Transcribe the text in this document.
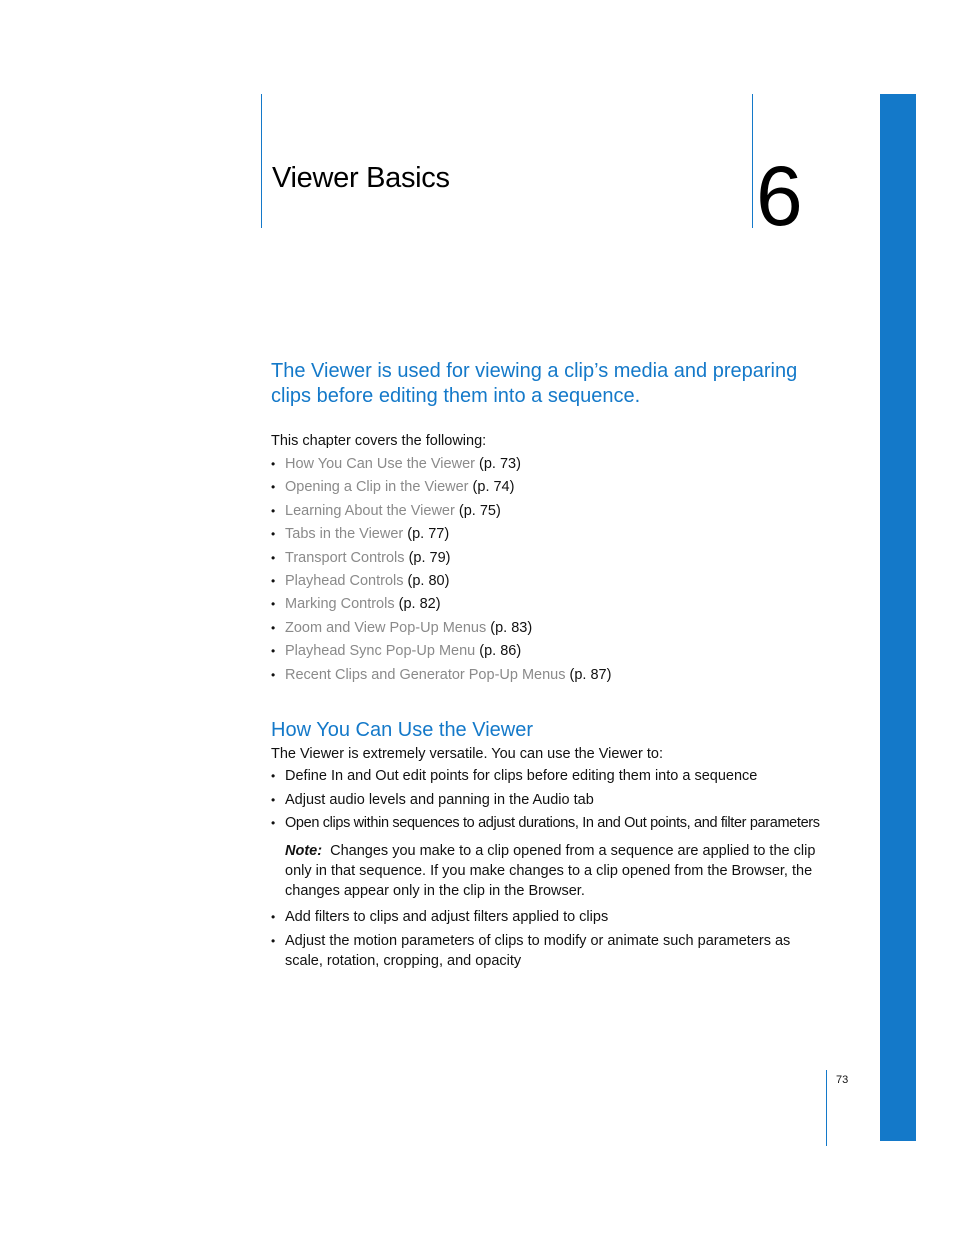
Viewer Basics	6

The Viewer is used for viewing a clip’s media and preparing clips before editing them into a sequence.

This chapter covers the following:

• How You Can Use the Viewer (p. 73)
• Opening a Clip in the Viewer (p. 74)
• Learning About the Viewer (p. 75)
• Tabs in the Viewer (p. 77)
• Transport Controls (p. 79)
• Playhead Controls (p. 80)
• Marking Controls (p. 82)
• Zoom and View Pop-Up Menus (p. 83)
• Playhead Sync Pop-Up Menu (p. 86)
• Recent Clips and Generator Pop-Up Menus (p. 87)
How You Can Use the Viewer

The Viewer is extremely versatile. You can use the Viewer to:

• Define In and Out edit points for clips before editing them into a sequence
• Adjust audio levels and panning in the Audio tab
• Open clips within sequences to adjust durations, In and Out points, and filter parameters

Note: Changes you make to a clip opened from a sequence are applied to the clip only in that sequence. If you make changes to a clip opened from the Browser, the changes appear only in the clip in the Browser.

• Add filters to clips and adjust filters applied to clips
• Adjust the motion parameters of clips to modify or animate such parameters as scale, rotation, cropping, and opacity
73
